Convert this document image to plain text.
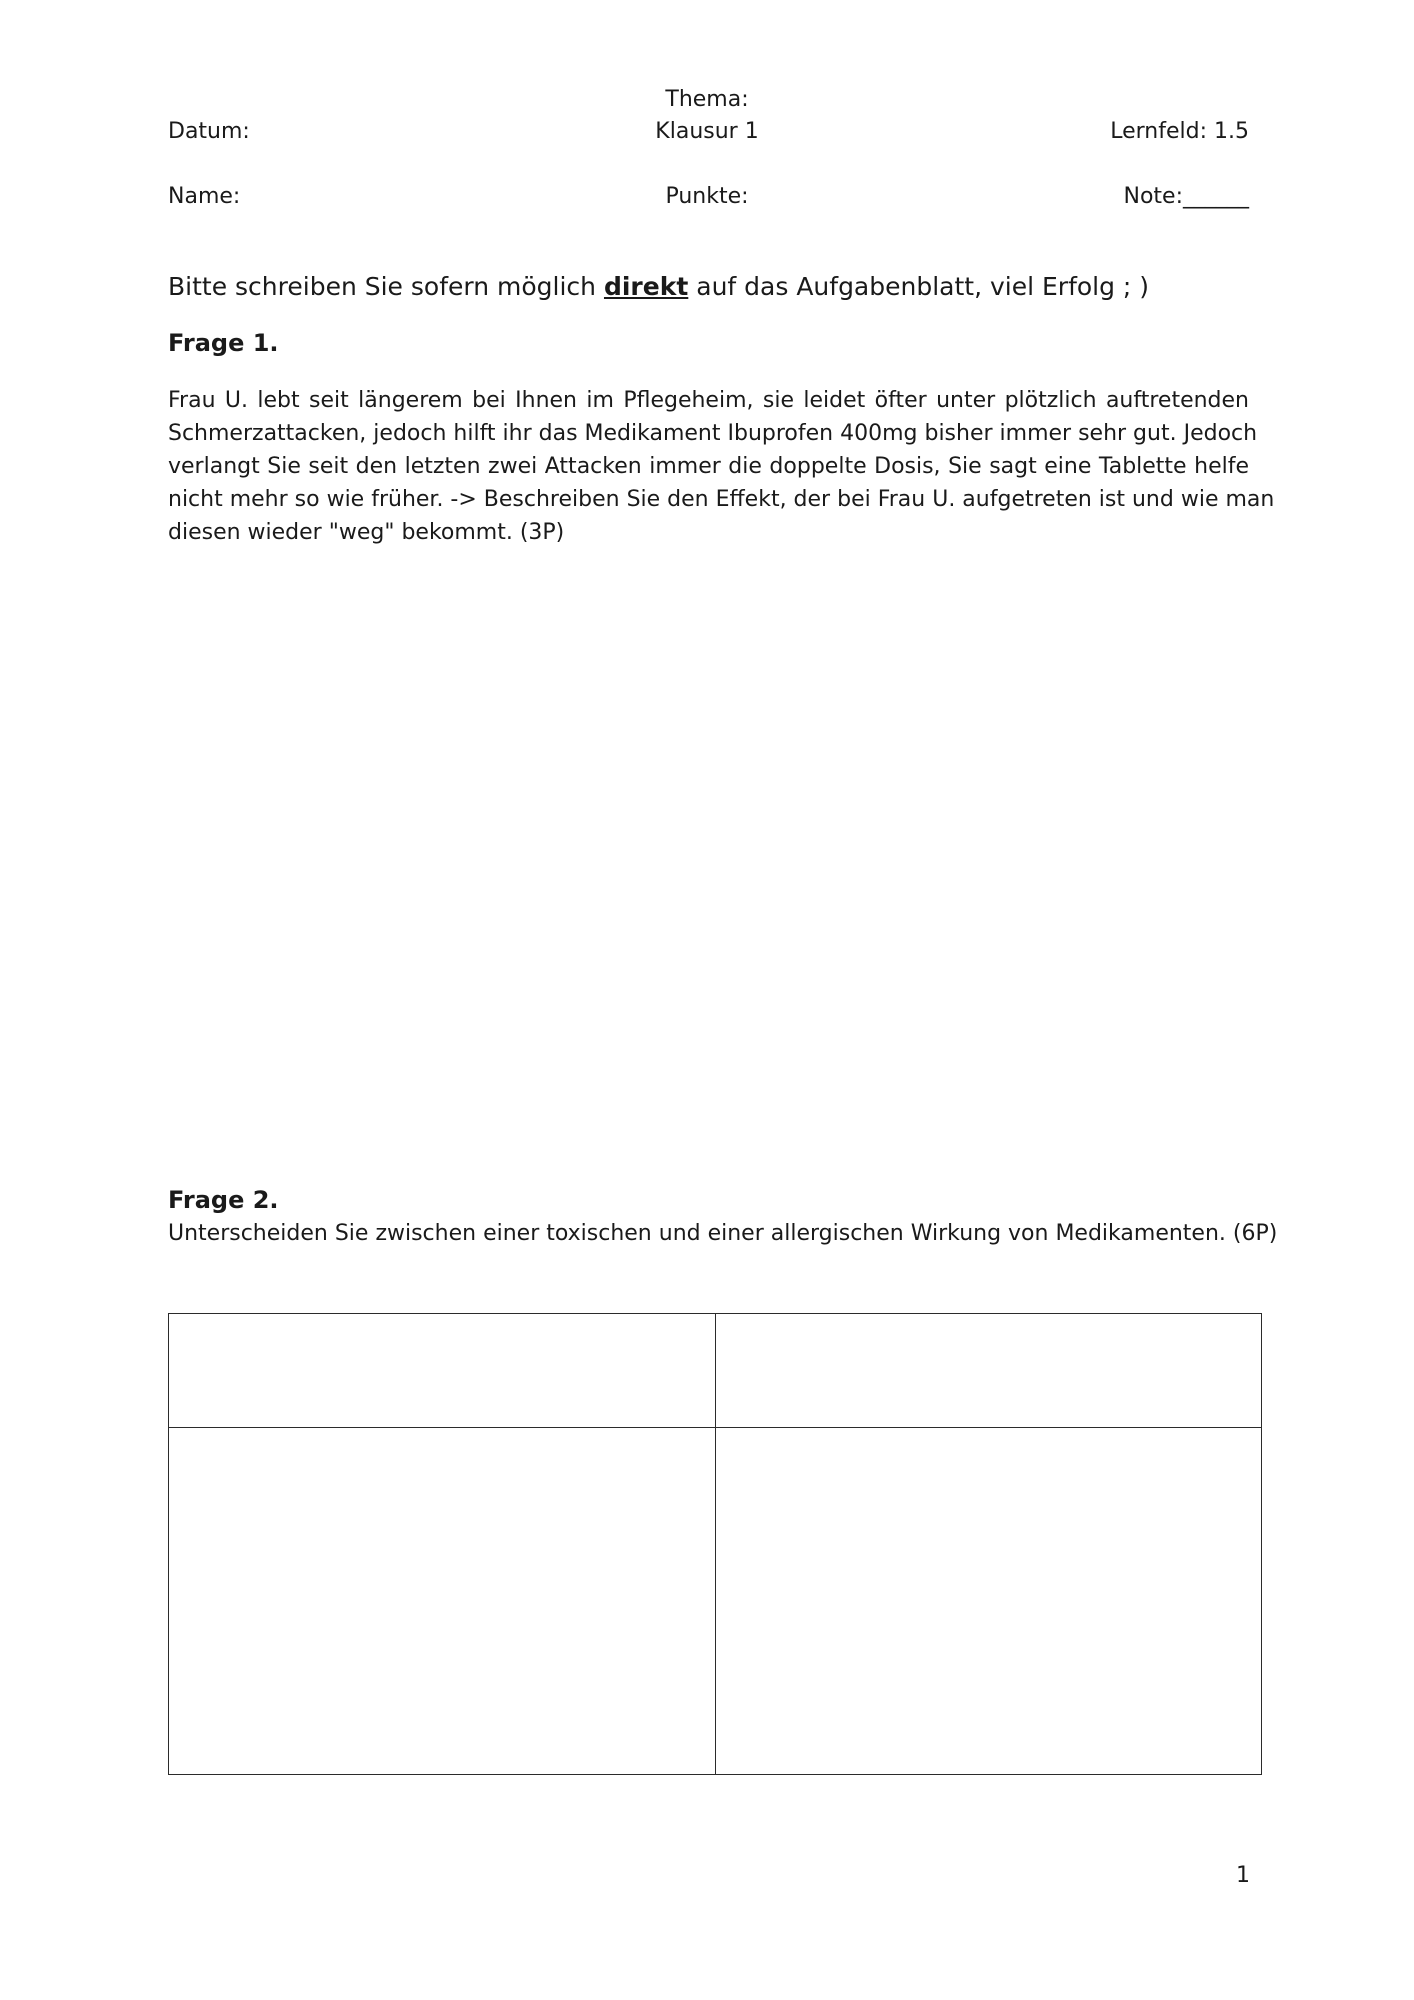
Thema:
Datum:	Klausur 1	Lernfeld: 1.5
Name:	Punkte:	Note:______
Bitte schreiben Sie sofern möglich direkt auf das Aufgabenblatt, viel Erfolg ; )
Frage 1.
Frau U. lebt seit längerem bei Ihnen im Pflegeheim, sie leidet öfter unter plötzlich auftretenden
Schmerzattacken, jedoch hilft ihr das Medikament Ibuprofen 400mg bisher immer sehr gut. Jedoch
verlangt Sie seit den letzten zwei Attacken immer die doppelte Dosis, Sie sagt eine Tablette helfe
nicht mehr so wie früher. -> Beschreiben Sie den Effekt, der bei Frau U. aufgetreten ist und wie man
diesen wieder "weg" bekommt. (3P)
Frage 2.
Unterscheiden Sie zwischen einer toxischen und einer allergischen Wirkung von Medikamenten. (6P)

1
